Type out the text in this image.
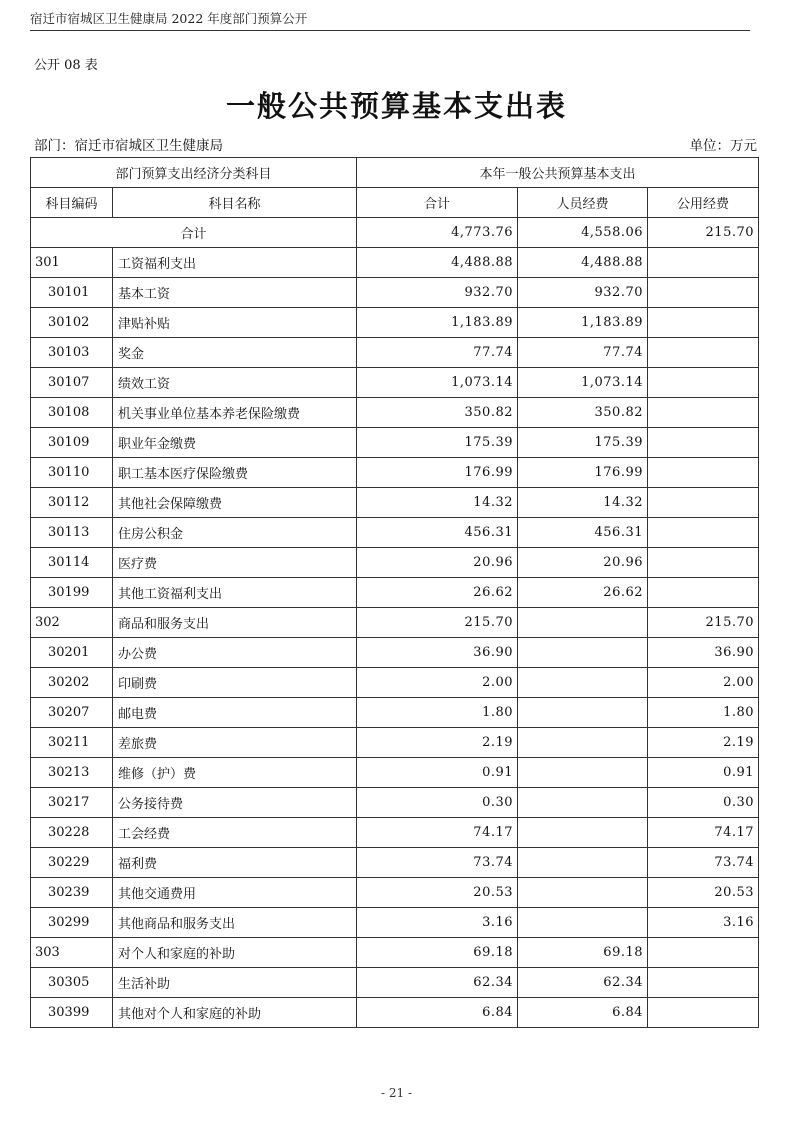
宿迁市宿城区卫生健康局 2022 年度部门预算公开
公开 08 表
一般公共预算基本支出表
部门：宿迁市宿城区卫生健康局	单位：万元
部门预算支出经济分类科目		本年一般公共预算基本支出		
科目编码	科目名称	合计	人员经费	公用经费
合计		4,773.76	4,558.06	215.70
301	工资福利支出	4,488.88	4,488.88	
30101	基本工资	932.70	932.70	
30102	津贴补贴	1,183.89	1,183.89	
30103	奖金	77.74	77.74	
30107	绩效工资	1,073.14	1,073.14	
30108	机关事业单位基本养老保险缴费	350.82	350.82	
30109	职业年金缴费	175.39	175.39	
30110	职工基本医疗保险缴费	176.99	176.99	
30112	其他社会保障缴费	14.32	14.32	
30113	住房公积金	456.31	456.31	
30114	医疗费	20.96	20.96	
30199	其他工资福利支出	26.62	26.62	
302	商品和服务支出	215.70		215.70
30201	办公费	36.90		36.90
30202	印刷费	2.00		2.00
30207	邮电费	1.80		1.80
30211	差旅费	2.19		2.19
30213	维修（护）费	0.91		0.91
30217	公务接待费	0.30		0.30
30228	工会经费	74.17		74.17
30229	福利费	73.74		73.74
30239	其他交通费用	20.53		20.53
30299	其他商品和服务支出	3.16		3.16
303	对个人和家庭的补助	69.18	69.18	
30305	生活补助	62.34	62.34	
30399	其他对个人和家庭的补助	6.84	6.84	
- 21 -
